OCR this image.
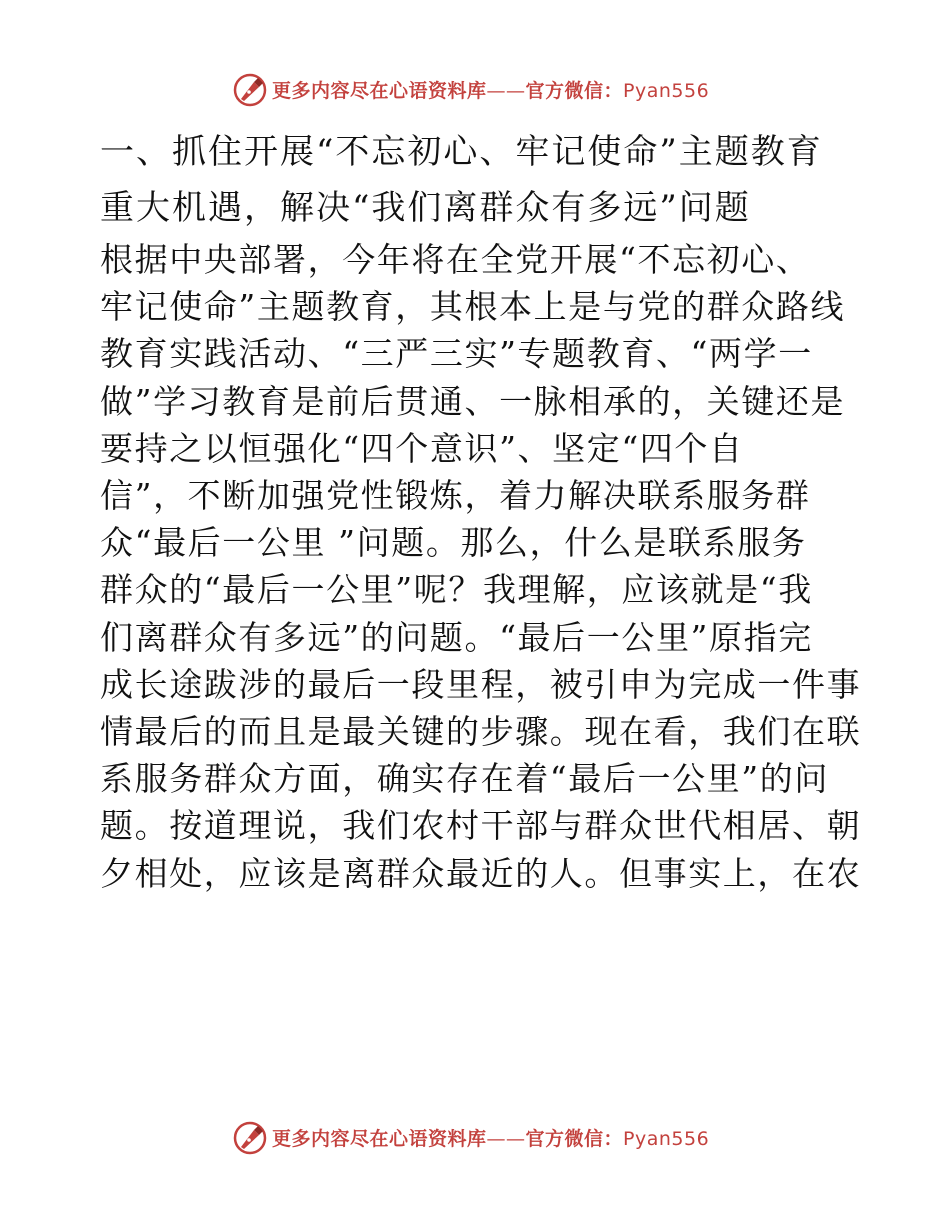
更多内容尽在心语资料库——官方微信：Pyan556
一、抓住开展“不忘初心、牢记使命”主题教育
重大机遇，解决“我们离群众有多远”问题
根据中央部署，今年将在全党开展“不忘初心、
牢记使命”主题教育，其根本上是与党的群众路线
教育实践活动、“三严三实”专题教育、“两学一
做”学习教育是前后贯通、一脉相承的，关键还是
要持之以恒强化“四个意识”、坚定“四个自
信”，不断加强党性锻炼，着力解决联系服务群
众“最后一公里 ”问题。那么，什么是联系服务
群众的“最后一公里”呢？我理解，应该就是“我
们离群众有多远”的问题。“最后一公里”原指完
成长途跋涉的最后一段里程，被引申为完成一件事
情最后的而且是最关键的步骤。现在看，我们在联
系服务群众方面，确实存在着“最后一公里”的问
题。按道理说，我们农村干部与群众世代相居、朝
夕相处，应该是离群众最近的人。但事实上，在农
更多内容尽在心语资料库——官方微信：Pyan556
